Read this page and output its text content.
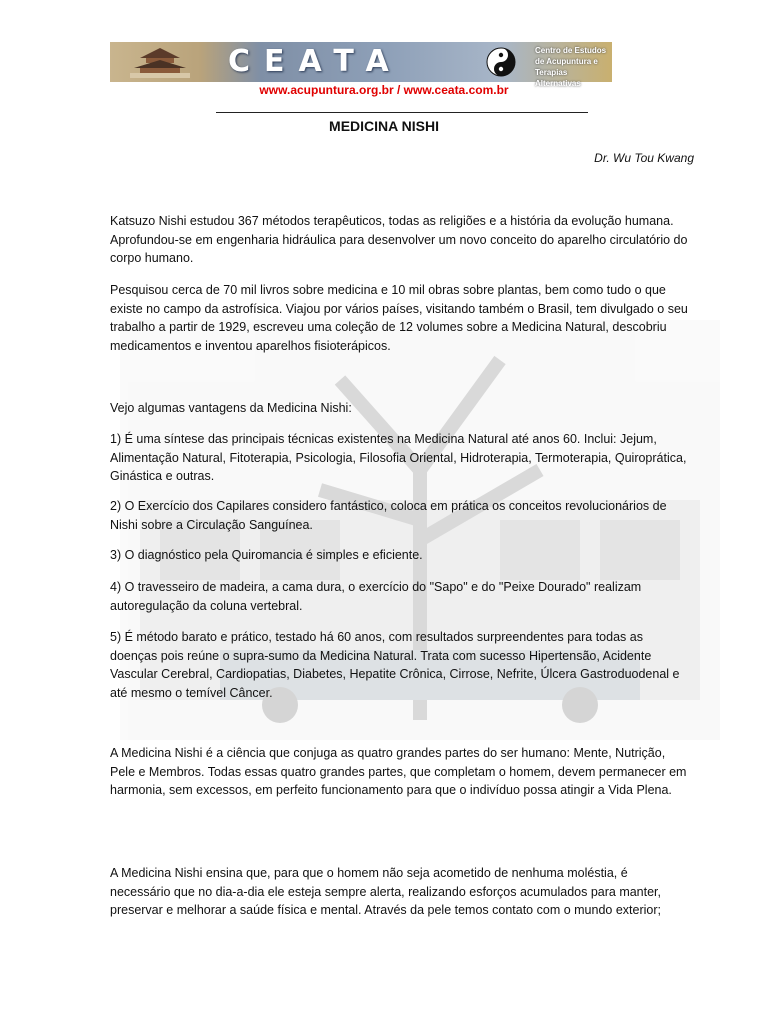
CEATA	Centro de Estudos de Acupuntura e Terapias Alternativas
www.acupuntura.org.br / www.ceata.com.br
MEDICINA NISHI
Dr. Wu Tou Kwang

Katsuzo Nishi estudou 367 métodos terapêuticos, todas as religiões e a história da evolução humana. Aprofundou-se em engenharia hidráulica para desenvolver um novo conceito do aparelho circulatório do corpo humano.

Pesquisou cerca de 70 mil livros sobre medicina e 10 mil obras sobre plantas, bem como tudo o que existe no campo da astrofísica. Viajou por vários países, visitando também o Brasil, tem divulgado o seu trabalho a partir de 1929, escreveu uma coleção de 12 volumes sobre a Medicina Natural, descobriu medicamentos e inventou aparelhos fisioterápicos.

Vejo algumas vantagens da Medicina Nishi:

1) É uma síntese das principais técnicas existentes na Medicina Natural até anos 60. Inclui: Jejum, Alimentação Natural, Fitoterapia, Psicologia, Filosofia Oriental, Hidroterapia, Termoterapia, Quiroprática, Ginástica e outras.

2) O Exercício dos Capilares considero fantástico, coloca em prática os conceitos revolucionários de Nishi sobre a Circulação Sanguínea.

3) O diagnóstico pela Quiromancia é simples e eficiente.

4) O travesseiro de madeira, a cama dura, o exercício do "Sapo" e do "Peixe Dourado" realizam autoregulação da coluna vertebral.

5) É método barato e prático, testado há 60 anos, com resultados surpreendentes para todas as doenças pois reúne o supra-sumo da Medicina Natural. Trata com sucesso Hipertensão, Acidente Vascular Cerebral, Cardiopatias, Diabetes, Hepatite Crônica, Cirrose, Nefrite, Úlcera Gastroduodenal e até mesmo o temível Câncer.

A Medicina Nishi é a ciência que conjuga as quatro grandes partes do ser humano: Mente, Nutrição, Pele e Membros. Todas essas quatro grandes partes, que completam o homem, devem permanecer em harmonia, sem excessos, em perfeito funcionamento para que o indivíduo possa atingir a Vida Plena.

A Medicina Nishi ensina que, para que o homem não seja acometido de nenhuma moléstia, é necessário que no dia-a-dia ele esteja sempre alerta, realizando esforços acumulados para manter, preservar e melhorar a saúde física e mental. Através da pele temos contato com o mundo exterior;
